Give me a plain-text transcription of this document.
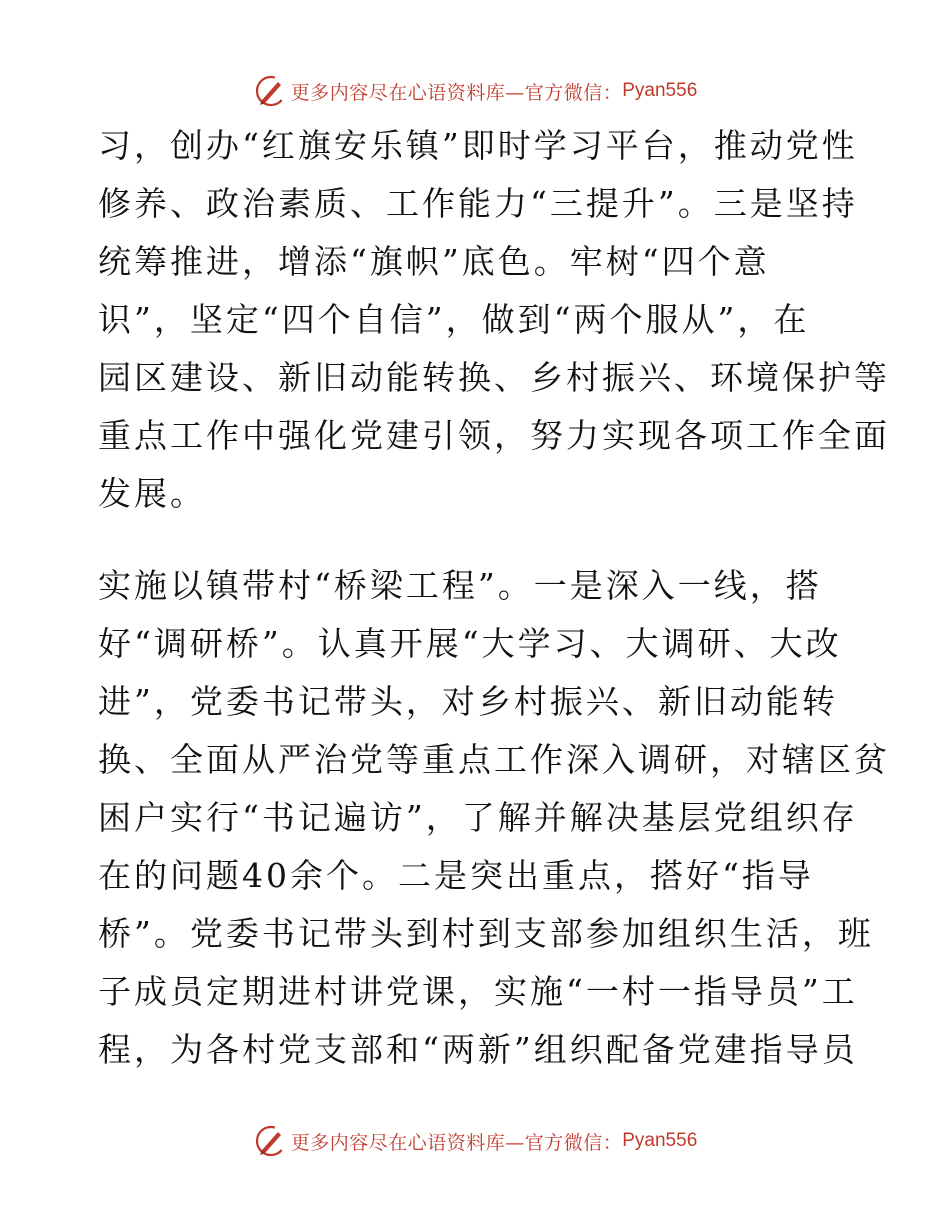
更多内容尽在心语资料库—官方微信： Pyan556
习，创办“红旗安乐镇”即时学习平台，推动党性
修养、政治素质、工作能力“三提升”。三是坚持
统筹推进，增添“旗帜”底色。牢树“四个意
识”，坚定“四个自信”，做到“两个服从”，在
园区建设、新旧动能转换、乡村振兴、环境保护等
重点工作中强化党建引领，努力实现各项工作全面
发展。
实施以镇带村“桥梁工程”。一是深入一线，搭
好“调研桥”。认真开展“大学习、大调研、大改
进”，党委书记带头，对乡村振兴、新旧动能转
换、全面从严治党等重点工作深入调研，对辖区贫
困户实行“书记遍访”，了解并解决基层党组织存
在的问题40余个。二是突出重点，搭好“指导
桥”。党委书记带头到村到支部参加组织生活，班
子成员定期进村讲党课，实施“一村一指导员”工
程，为各村党支部和“两新”组织配备党建指导员
更多内容尽在心语资料库—官方微信： Pyan556
